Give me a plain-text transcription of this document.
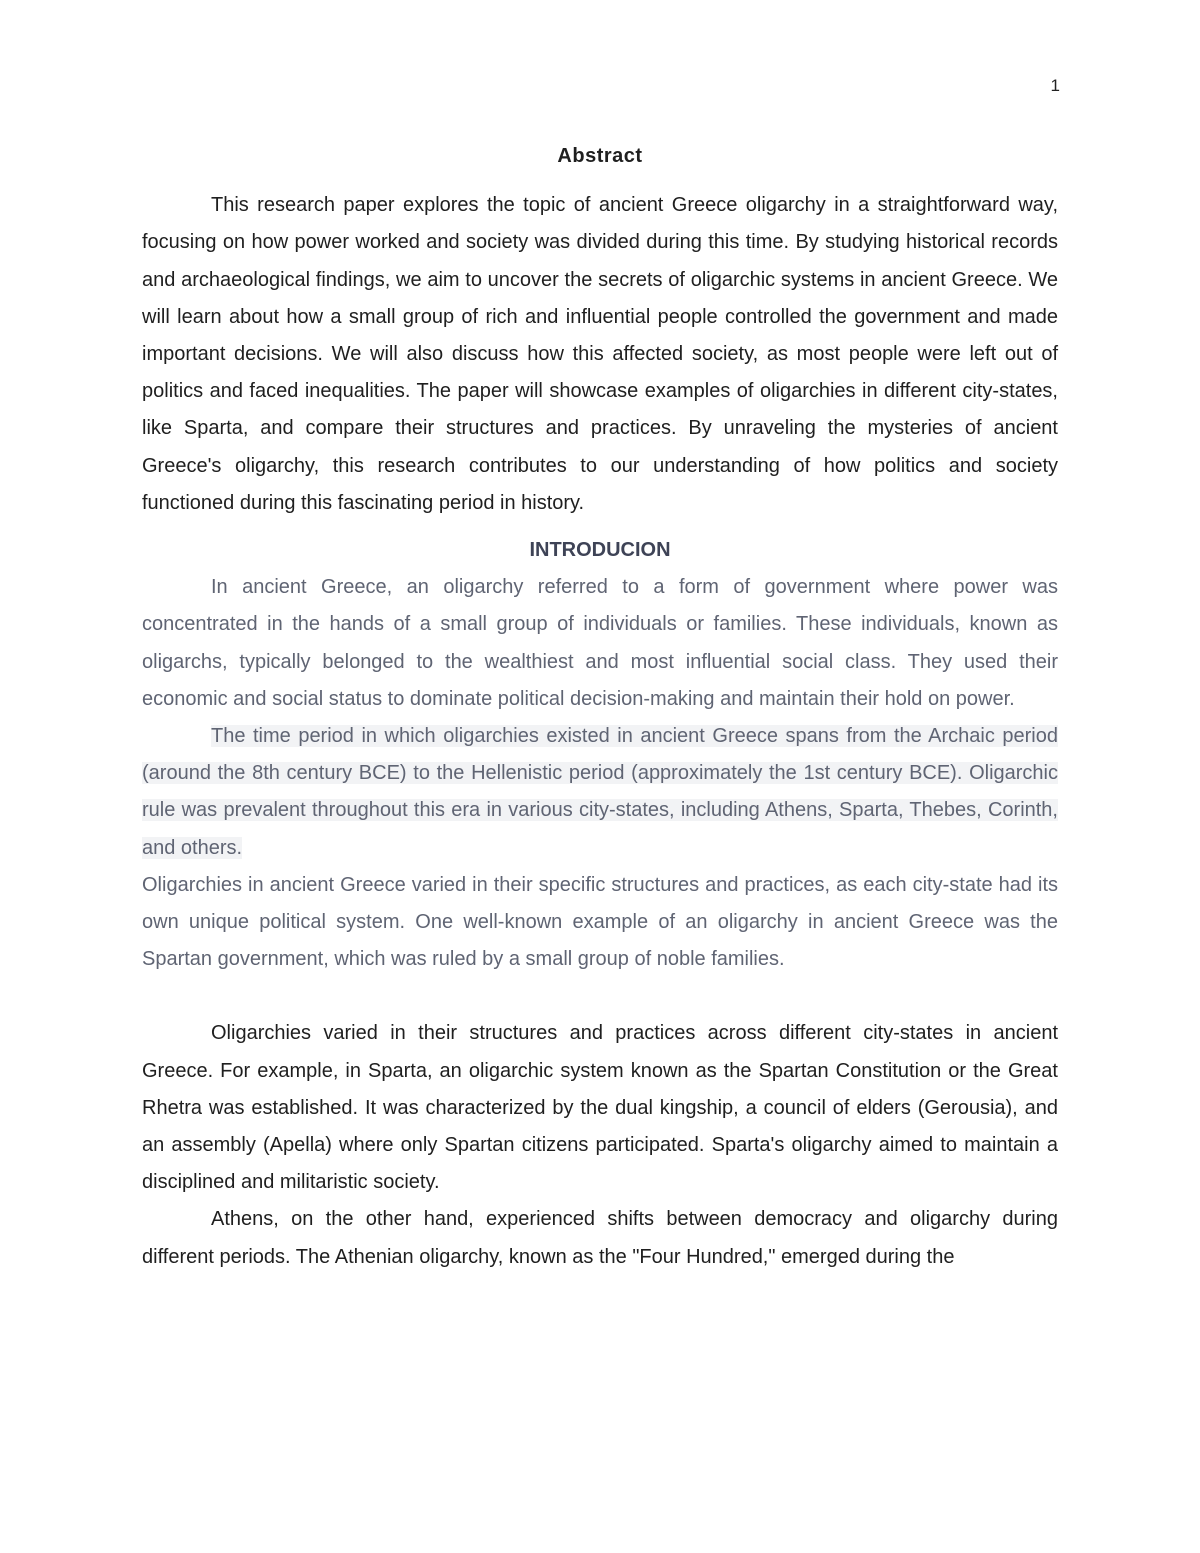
1
Abstract

This research paper explores the topic of ancient Greece oligarchy in a straightforward way, focusing on how power worked and society was divided during this time. By studying historical records and archaeological findings, we aim to uncover the secrets of oligarchic systems in ancient Greece. We will learn about how a small group of rich and influential people controlled the government and made important decisions. We will also discuss how this affected society, as most people were left out of politics and faced inequalities. The paper will showcase examples of oligarchies in different city-states, like Sparta, and compare their structures and practices. By unraveling the mysteries of ancient Greece's oligarchy, this research contributes to our understanding of how politics and society functioned during this fascinating period in history.

INTRODUCION

In ancient Greece, an oligarchy referred to a form of government where power was concentrated in the hands of a small group of individuals or families. These individuals, known as oligarchs, typically belonged to the wealthiest and most influential social class. They used their economic and social status to dominate political decision-making and maintain their hold on power.

The time period in which oligarchies existed in ancient Greece spans from the Archaic period (around the 8th century BCE) to the Hellenistic period (approximately the 1st century BCE). Oligarchic rule was prevalent throughout this era in various city-states, including Athens, Sparta, Thebes, Corinth, and others.

Oligarchies in ancient Greece varied in their specific structures and practices, as each city-state had its own unique political system. One well-known example of an oligarchy in ancient Greece was the Spartan government, which was ruled by a small group of noble families.

Oligarchies varied in their structures and practices across different city-states in ancient Greece. For example, in Sparta, an oligarchic system known as the Spartan Constitution or the Great Rhetra was established. It was characterized by the dual kingship, a council of elders (Gerousia), and an assembly (Apella) where only Spartan citizens participated. Sparta's oligarchy aimed to maintain a disciplined and militaristic society.

Athens, on the other hand, experienced shifts between democracy and oligarchy during different periods. The Athenian oligarchy, known as the "Four Hundred," emerged during the
